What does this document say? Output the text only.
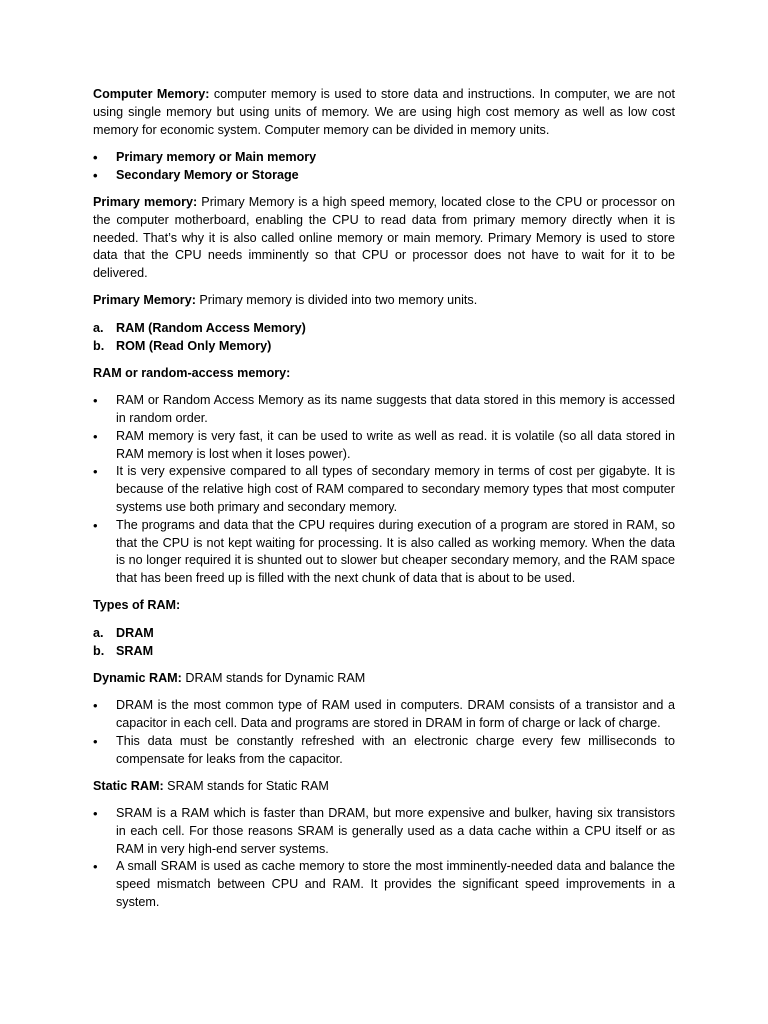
Computer Memory: computer memory is used to store data and instructions. In computer, we are not using single memory but using units of memory. We are using high cost memory as well as low cost memory for economic system. Computer memory can be divided in memory units.

• Primary memory or Main memory
• Secondary Memory or Storage

Primary memory: Primary Memory is a high speed memory, located close to the CPU or processor on the computer motherboard, enabling the CPU to read data from primary memory directly when it is needed. That’s why it is also called online memory or main memory. Primary Memory is used to store data that the CPU needs imminently so that CPU or processor does not have to wait for it to be delivered.

Primary Memory: Primary memory is divided into two memory units.

a. RAM (Random Access Memory)
b. ROM (Read Only Memory)

RAM or random-access memory:

• RAM or Random Access Memory as its name suggests that data stored in this memory is accessed in random order.
• RAM memory is very fast, it can be used to write as well as read. it is volatile (so all data stored in RAM memory is lost when it loses power).
• It is very expensive compared to all types of secondary memory in terms of cost per gigabyte. It is because of the relative high cost of RAM compared to secondary memory types that most computer systems use both primary and secondary memory.
• The programs and data that the CPU requires during execution of a program are stored in RAM, so that the CPU is not kept waiting for processing. It is also called as working memory. When the data is no longer required it is shunted out to slower but cheaper secondary memory, and the RAM space that has been freed up is filled with the next chunk of data that is about to be used.

Types of RAM:

a. DRAM
b. SRAM

Dynamic RAM: DRAM stands for Dynamic RAM

• DRAM is the most common type of RAM used in computers. DRAM consists of a transistor and a capacitor in each cell. Data and programs are stored in DRAM in form of charge or lack of charge.
• This data must be constantly refreshed with an electronic charge every few milliseconds to compensate for leaks from the capacitor.

Static RAM: SRAM stands for Static RAM

• SRAM is a RAM which is faster than DRAM, but more expensive and bulker, having six transistors in each cell. For those reasons SRAM is generally used as a data cache within a CPU itself or as RAM in very high-end server systems.
• A small SRAM is used as cache memory to store the most imminently-needed data and balance the speed mismatch between CPU and RAM. It provides the significant speed improvements in a system.
